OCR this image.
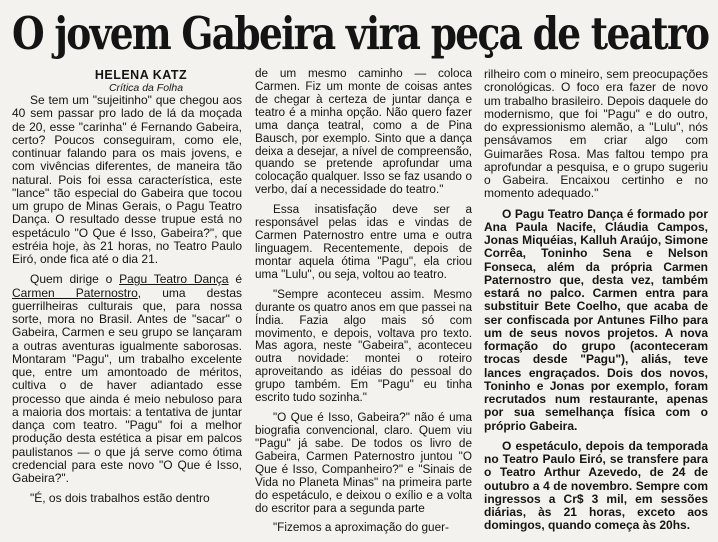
O jovem Gabeira vira peça de teatro

HELENA KATZ

Crítica da Folha

Se tem um "sujeitinho" que chegou aos 40 sem passar pro lado de lá da moçada de 20, esse "carinha" é Fernando Gabeira, certo? Poucos conseguiram, como ele, continuar falando para os mais jovens, e com vivências diferentes, de maneira tão natural. Pois foi essa característica, este "lance" tão especial do Gabeira que tocou um grupo de Minas Gerais, o Pagu Teatro Dança. O resultado desse trupue está no espetáculo "O Que é Isso, Gabeira?", que estréia hoje, às 21 horas, no Teatro Paulo Eiró, onde fica até o dia 21.

Quem dirige o Pagu Teatro Dança é Carmen Paternostro, uma destas guerrilheiras culturais que, para nossa sorte, mora no Brasil. Antes de "sacar" o Gabeira, Carmen e seu grupo se lançaram a outras aventuras igualmente saborosas. Montaram "Pagu", um trabalho excelente que, entre um amontoado de méritos, cultiva o de haver adiantado esse processo que ainda é meio nebuloso para a maioria dos mortais: a tentativa de juntar dança com teatro. "Pagu" foi a melhor produção desta estética a pisar em palcos paulistanos — o que já serve como ótima credencial para este novo "O Que é Isso, Gabeira?".

"É, os dois trabalhos estão dentro

de um mesmo caminho — coloca Carmen. Fiz um monte de coisas antes de chegar à certeza de juntar dança e teatro é a minha opção. Não quero fazer uma dança teatral, como a de Pina Bausch, por exemplo. Sinto que a dança deixa a desejar, a nível de compreensão, quando se pretende aprofundar uma colocação qualquer. Isso se faz usando o verbo, daí a necessidade do teatro."

Essa insatisfação deve ser a responsável pelas idas e vindas de Carmen Paternostro entre uma e outra linguagem. Recentemente, depois de montar aquela ótima "Pagu", ela criou uma "Lulu", ou seja, voltou ao teatro.

"Sempre aconteceu assim. Mesmo durante os quatro anos em que passei na Índia. Fazia algo mais só com movimento, e depois, voltava pro texto. Mas agora, neste "Gabeira", aconteceu outra novidade: montei o roteiro aproveitando as idéias do pessoal do grupo também. Em "Pagu" eu tinha escrito tudo sozinha."

"O Que é Isso, Gabeira?" não é uma biografia convencional, claro. Quem viu "Pagu" já sabe. De todos os livro de Gabeira, Carmen Paternostro juntou "O Que é Isso, Companheiro?" e "Sinais de Vida no Planeta Minas" na primeira parte do espetáculo, e deixou o exílio e a volta do escritor para a segunda parte

"Fizemos a aproximação do guer-

rilheiro com o mineiro, sem preocupações cronológicas. O foco era fazer de novo um trabalho brasileiro. Depois daquele do modernismo, que foi "Pagu" e do outro, do expressionismo alemão, a "Lulu", nós pensávamos em criar algo com Guimarães Rosa. Mas faltou tempo pra aprofundar a pesquisa, e o grupo sugeriu o Gabeira. Encaixou certinho e no momento adequado."

O Pagu Teatro Dança é formado por Ana Paula Nacife, Cláudia Campos, Jonas Miquéias, Kalluh Araújo, Simone Corrêa, Toninho Sena e Nelson Fonseca, além da própria Carmen Paternostro que, desta vez, também estará no palco. Carmen entra para substituir Bete Coelho, que acaba de ser confiscada por Antunes Filho para um de seus novos projetos. A nova formação do grupo (aconteceram trocas desde "Pagu"), aliás, teve lances engraçados. Dois dos novos, Toninho e Jonas por exemplo, foram recrutados num restaurante, apenas por sua semelhança física com o próprio Gabeira.

O espetáculo, depois da temporada no Teatro Paulo Eiró, se transfere para o Teatro Arthur Azevedo, de 24 de outubro a 4 de novembro. Sempre com ingressos a Cr$ 3 mil, em sessões diárias, às 21 horas, exceto aos domingos, quando começa às 20hs.
